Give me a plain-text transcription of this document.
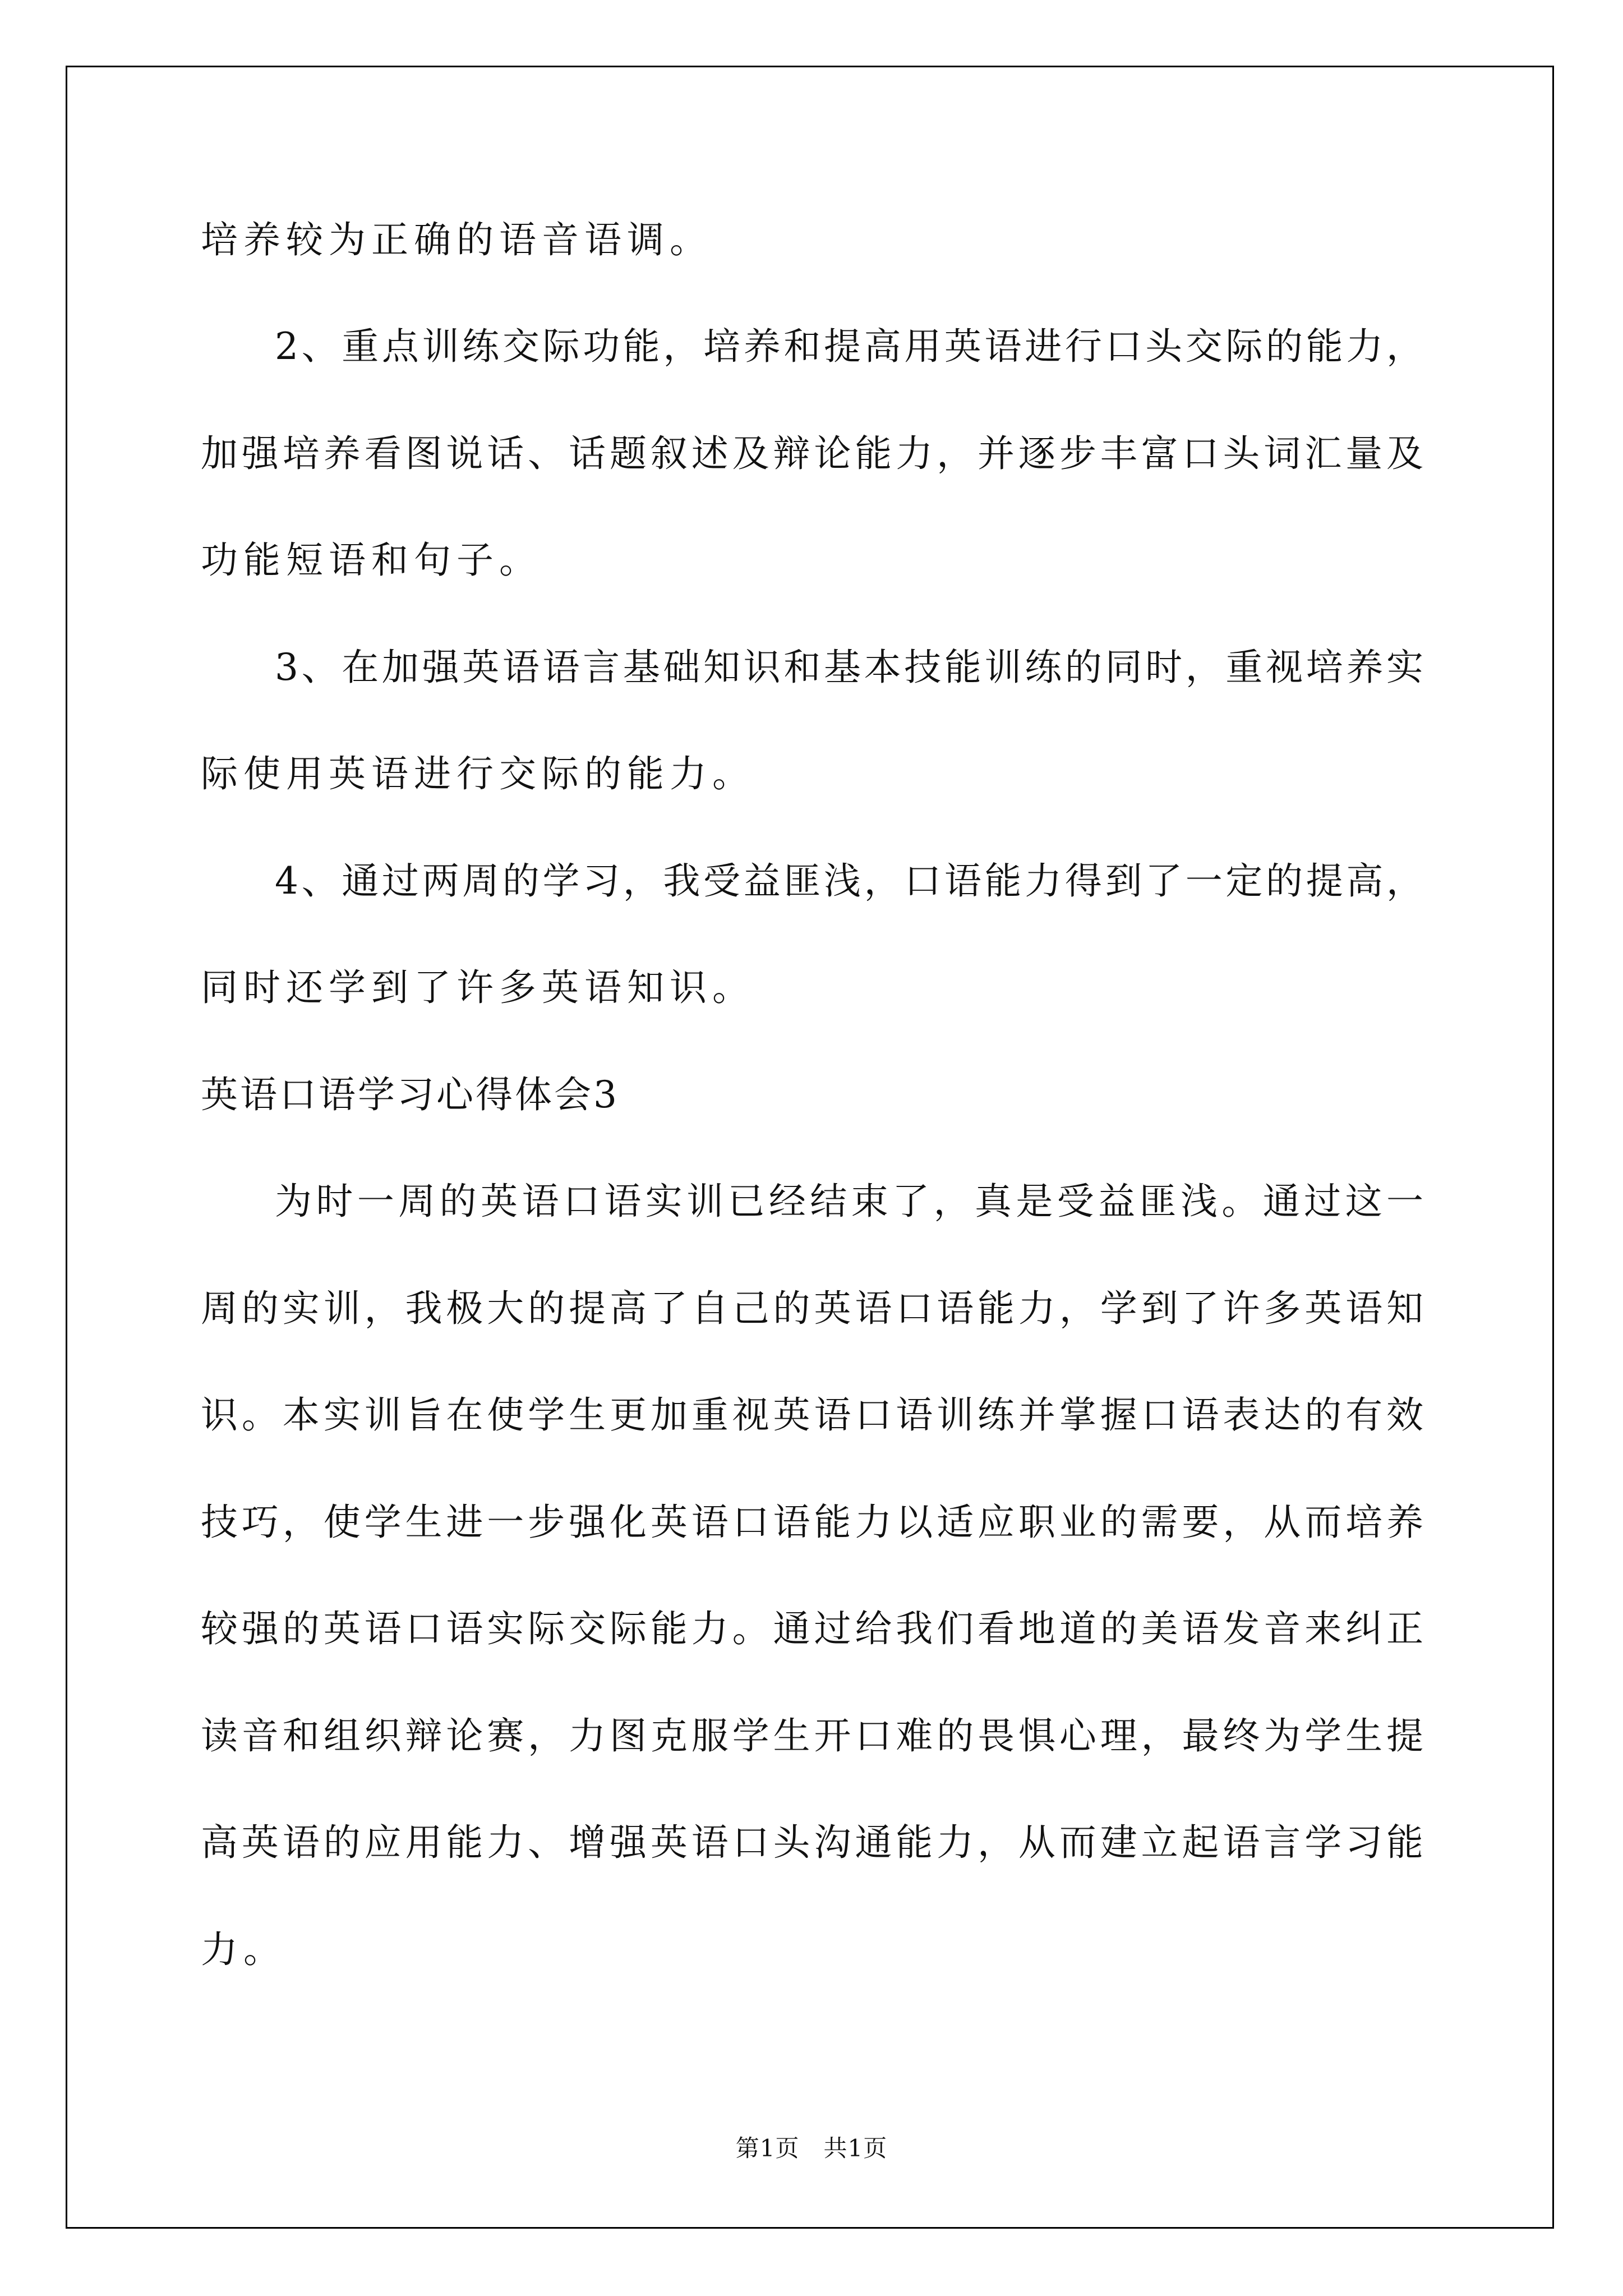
培养较为正确的语音语调。
2、重点训练交际功能，培养和提高用英语进行口头交际的能力，
加强培养看图说话、话题叙述及辩论能力，并逐步丰富口头词汇量及
功能短语和句子。
3、在加强英语语言基础知识和基本技能训练的同时，重视培养实
际使用英语进行交际的能力。
4、通过两周的学习，我受益匪浅，口语能力得到了一定的提高，
同时还学到了许多英语知识。
英语口语学习心得体会3
为时一周的英语口语实训已经结束了，真是受益匪浅。通过这一
周的实训，我极大的提高了自己的英语口语能力，学到了许多英语知
识。本实训旨在使学生更加重视英语口语训练并掌握口语表达的有效
技巧，使学生进一步强化英语口语能力以适应职业的需要，从而培养
较强的英语口语实际交际能力。通过给我们看地道的美语发音来纠正
读音和组织辩论赛，力图克服学生开口难的畏惧心理，最终为学生提
高英语的应用能力、增强英语口头沟通能力，从而建立起语言学习能
力。
第1页　共1页
